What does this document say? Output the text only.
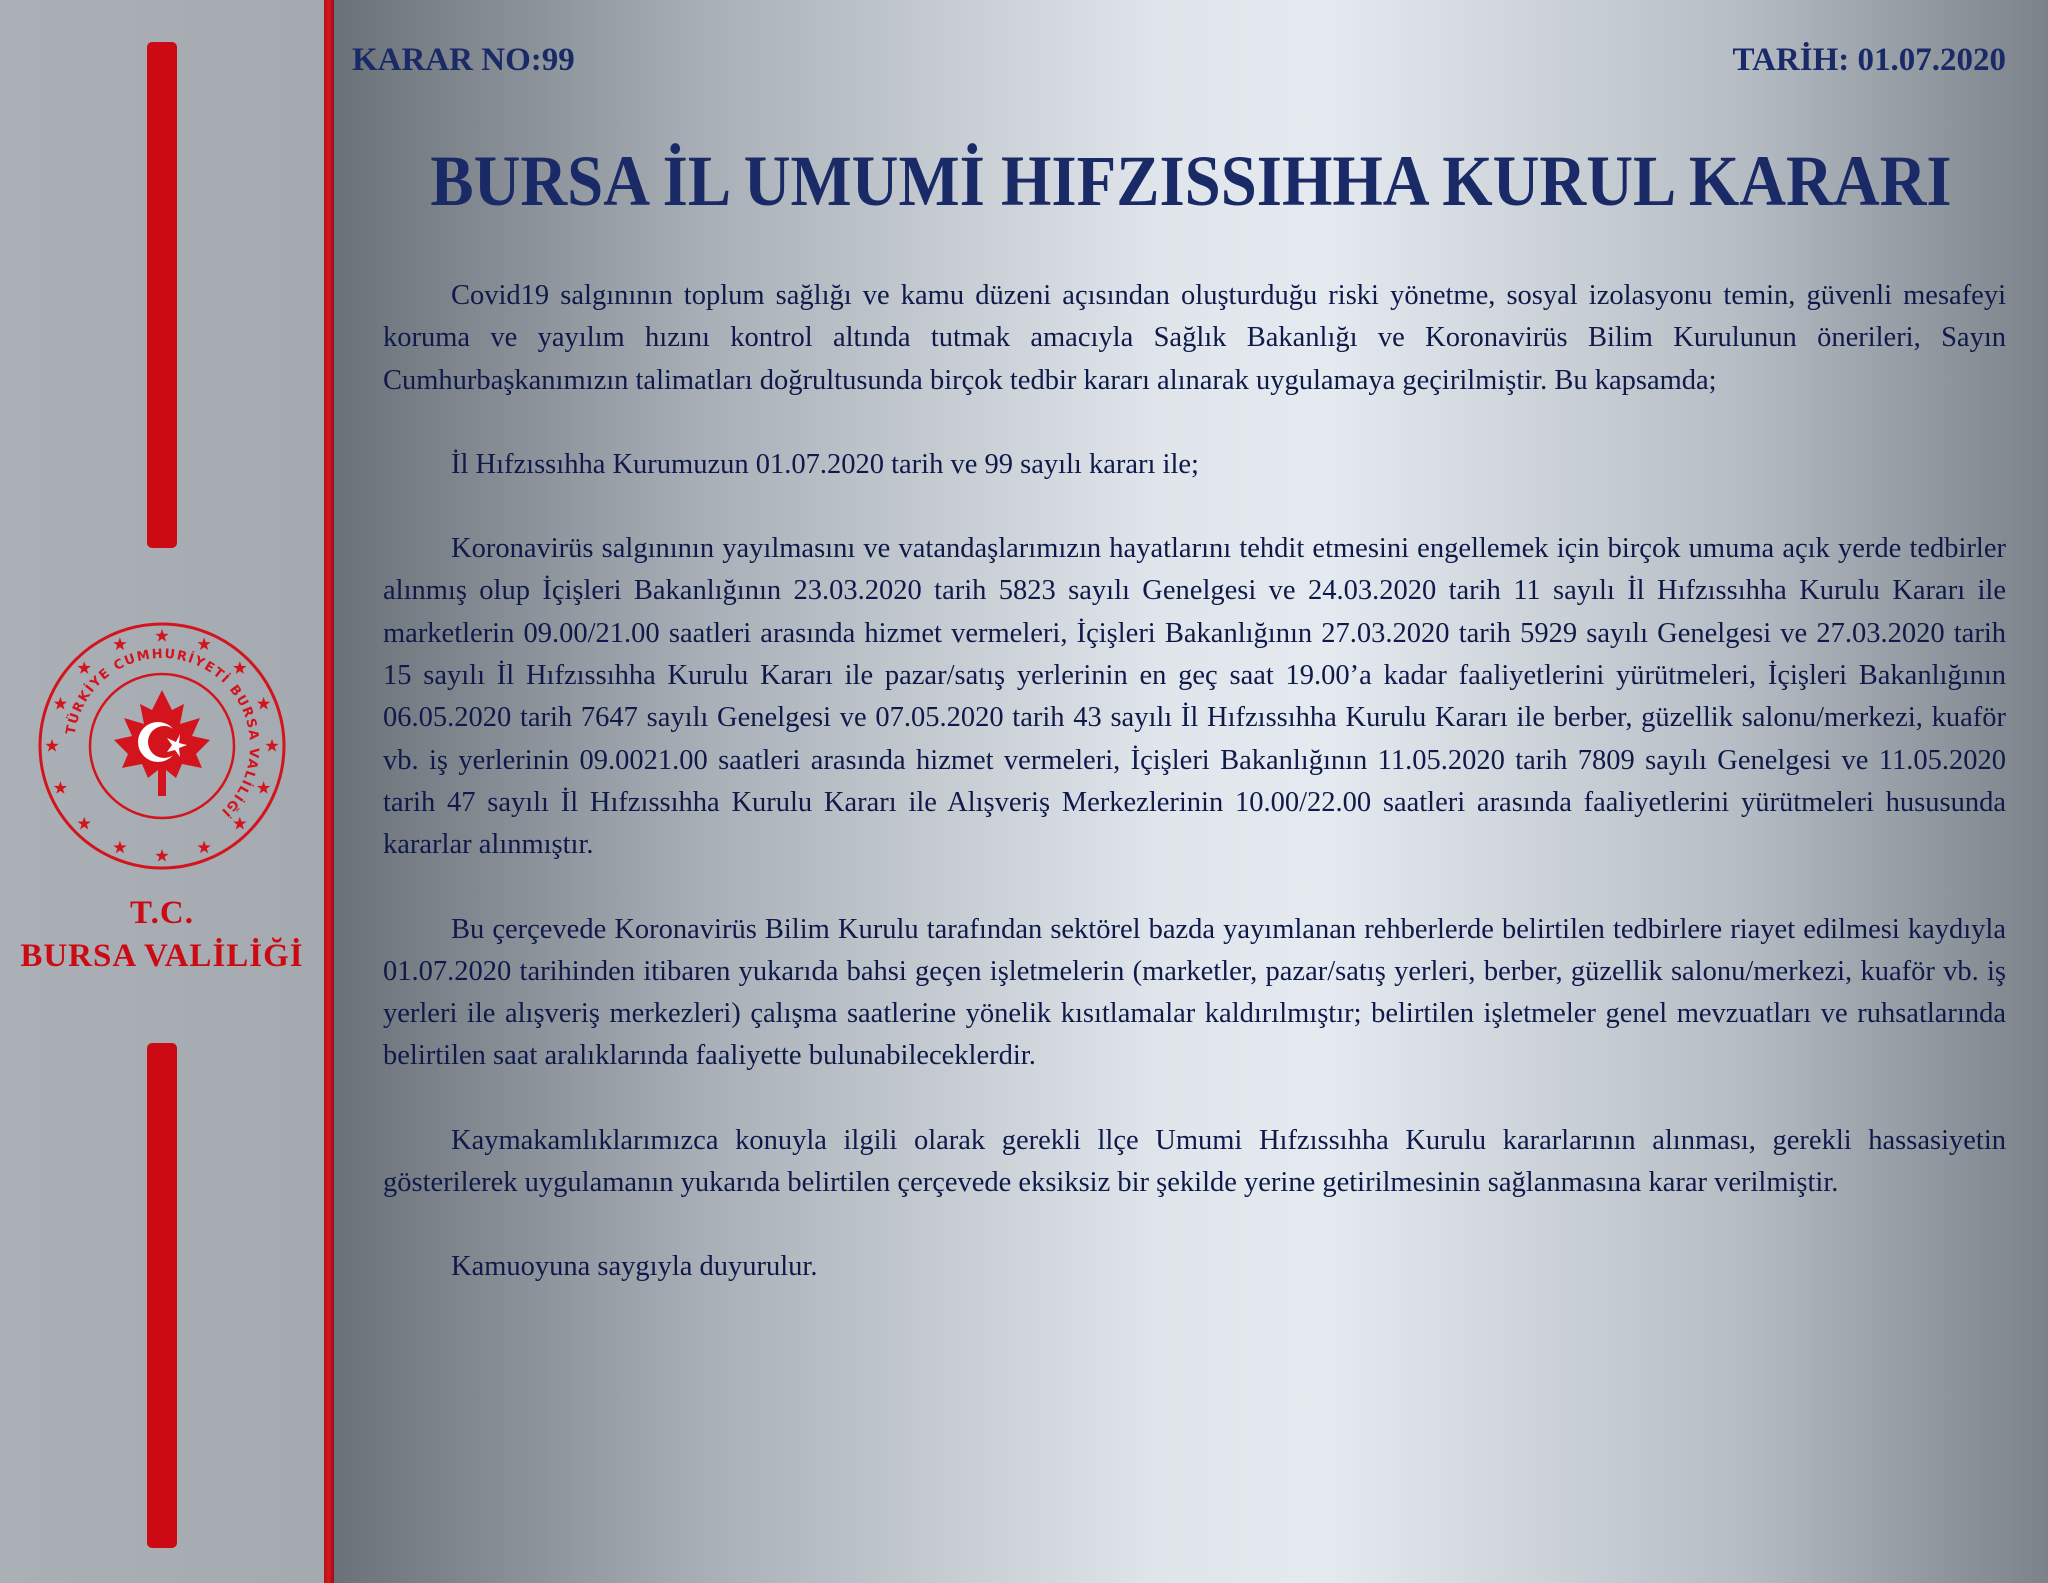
TÜRKİYE CUMHURİYETİ BURSA VALİLİĞİ
T.C.
BURSA VALİLİĞİ
KARAR NO:99	TARİH: 01.07.2020
BURSA İL UMUMİ HIFZISSIHHA KURUL KARARI

Covid19 salgınının toplum sağlığı ve kamu düzeni açısından oluşturduğu riski yönetme, sosyal izolasyonu temin, güvenli mesafeyi koruma ve yayılım hızını kontrol altında tutmak amacıyla Sağlık Bakanlığı ve Koronavirüs Bilim Kurulunun önerileri, Sayın Cumhurbaşkanımızın talimatları doğrultusunda birçok tedbir kararı alınarak uygulamaya geçirilmiştir. Bu kapsamda;

İl Hıfzıssıhha Kurumuzun 01.07.2020 tarih ve 99 sayılı kararı ile;

Koronavirüs salgınının yayılmasını ve vatandaşlarımızın hayatlarını tehdit etmesini engellemek için birçok umuma açık yerde tedbirler alınmış olup İçişleri Bakanlığının 23.03.2020 tarih 5823 sayılı Genelgesi ve 24.03.2020 tarih 11 sayılı İl Hıfzıssıhha Kurulu Kararı ile marketlerin 09.00/21.00 saatleri arasında hizmet vermeleri, İçişleri Bakanlığının 27.03.2020 tarih 5929 sayılı Genelgesi ve 27.03.2020 tarih 15 sayılı İl Hıfzıssıhha Kurulu Kararı ile pazar/satış yerlerinin en geç saat 19.00’a kadar faaliyetlerini yürütmeleri, İçişleri Bakanlığının 06.05.2020 tarih 7647 sayılı Genelgesi ve 07.05.2020 tarih 43 sayılı İl Hıfzıssıhha Kurulu Kararı ile berber, güzellik salonu/merkezi, kuaför vb. iş yerlerinin 09.0021.00 saatleri arasında hizmet vermeleri, İçişleri Bakanlığının 11.05.2020 tarih 7809 sayılı Genelgesi ve 11.05.2020 tarih 47 sayılı İl Hıfzıssıhha Kurulu Kararı ile Alışveriş Merkezlerinin 10.00/22.00 saatleri arasında faaliyetlerini yürütmeleri hususunda kararlar alınmıştır.

Bu çerçevede Koronavirüs Bilim Kurulu tarafından sektörel bazda yayımlanan rehberlerde belirtilen tedbirlere riayet edilmesi kaydıyla 01.07.2020 tarihinden itibaren yukarıda bahsi geçen işletmelerin (marketler, pazar/satış yerleri, berber, güzellik salonu/merkezi, kuaför vb. iş yerleri ile alışveriş merkezleri) çalışma saatlerine yönelik kısıtlamalar kaldırılmıştır; belirtilen işletmeler genel mevzuatları ve ruhsatlarında belirtilen saat aralıklarında faaliyette bulunabileceklerdir.

Kaymakamlıklarımızca konuyla ilgili olarak gerekli llçe Umumi Hıfzıssıhha Kurulu kararlarının alınması, gerekli hassasiyetin gösterilerek uygulamanın yukarıda belirtilen çerçevede eksiksiz bir şekilde yerine getirilmesinin sağlanmasına karar verilmiştir.

Kamuoyuna saygıyla duyurulur.
